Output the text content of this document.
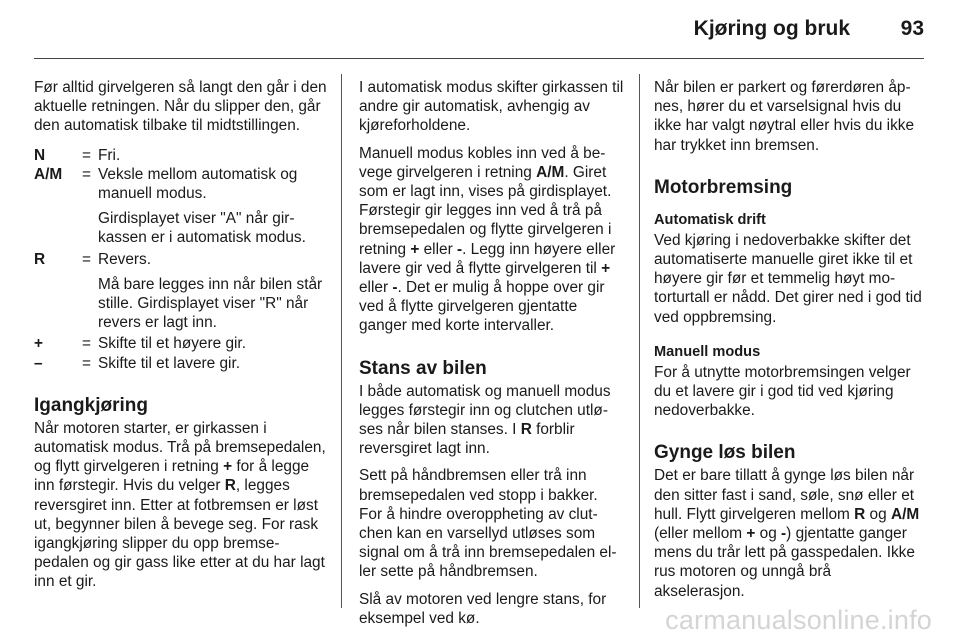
Kjøring og bruk 93

Før alltid girvelgeren så langt den går i den aktuelle retningen. Når du slipper den, går den automatisk tilbake til midtstillingen.

N	= Fri.
A/M	= Veksle mellom automatisk og manuell modus.
Girdisplayet viser "A" når girkassen er i automatisk modus.
R	= Revers.
Må bare legges inn når bilen står stille. Girdisplayet viser "R" når revers er lagt inn.
+	= Skifte til et høyere gir.
–	= Skifte til et lavere gir.
Igangkjøring

Når motoren starter, er girkassen i automatisk modus. Trå på bremsepedalen, og flytt girvelgeren i retning + for å legge inn førstegir. Hvis du velger R, legges reversgiret inn. Etter at fotbremsen er løst ut, begynner bilen å bevege seg. For rask igangkjøring slipper du opp bremsepedalen og gir gass like etter at du har lagt inn et gir.

I automatisk modus skifter girkassen til andre gir automatisk, avhengig av kjøreforholdene.

Manuell modus kobles inn ved å bevege girvelgeren i retning A/M. Giret som er lagt inn, vises på girdisplayet. Førstegir gir legges inn ved å trå på bremsepedalen og flytte girvelgeren i retning + eller -. Legg inn høyere eller lavere gir ved å flytte girvelgeren til + eller -. Det er mulig å hoppe over gir ved å flytte girvelgeren gjentatte ganger med korte intervaller.

Stans av bilen

I både automatisk og manuell modus legges førstegir inn og clutchen utløses når bilen stanses. I R forblir reversgiret lagt inn.

Sett på håndbremsen eller trå inn bremsepedalen ved stopp i bakker. For å hindre overoppheting av clutchen kan en varsellyd utløses som signal om å trå inn bremsepedalen eller sette på håndbremsen.

Slå av motoren ved lengre stans, for eksempel ved kø.

Når bilen er parkert og førerdøren åpnes, hører du et varselsignal hvis du ikke har valgt nøytral eller hvis du ikke har trykket inn bremsen.

Motorbremsing
Automatisk drift

Ved kjøring i nedoverbakke skifter det automatiserte manuelle giret ikke til et høyere gir før et temmelig høyt motorturtall er nådd. Det girer ned i god tid ved oppbremsing.

Manuell modus

For å utnytte motorbremsingen velger du et lavere gir i god tid ved kjøring nedoverbakke.

Gynge løs bilen

Det er bare tillatt å gynge løs bilen når den sitter fast i sand, søle, snø eller et hull. Flytt girvelgeren mellom R og A/M (eller mellom + og -) gjentatte ganger mens du trår lett på gasspedalen. Ikke rus motoren og unngå brå akselerasjon.

carmanualsonline.info
